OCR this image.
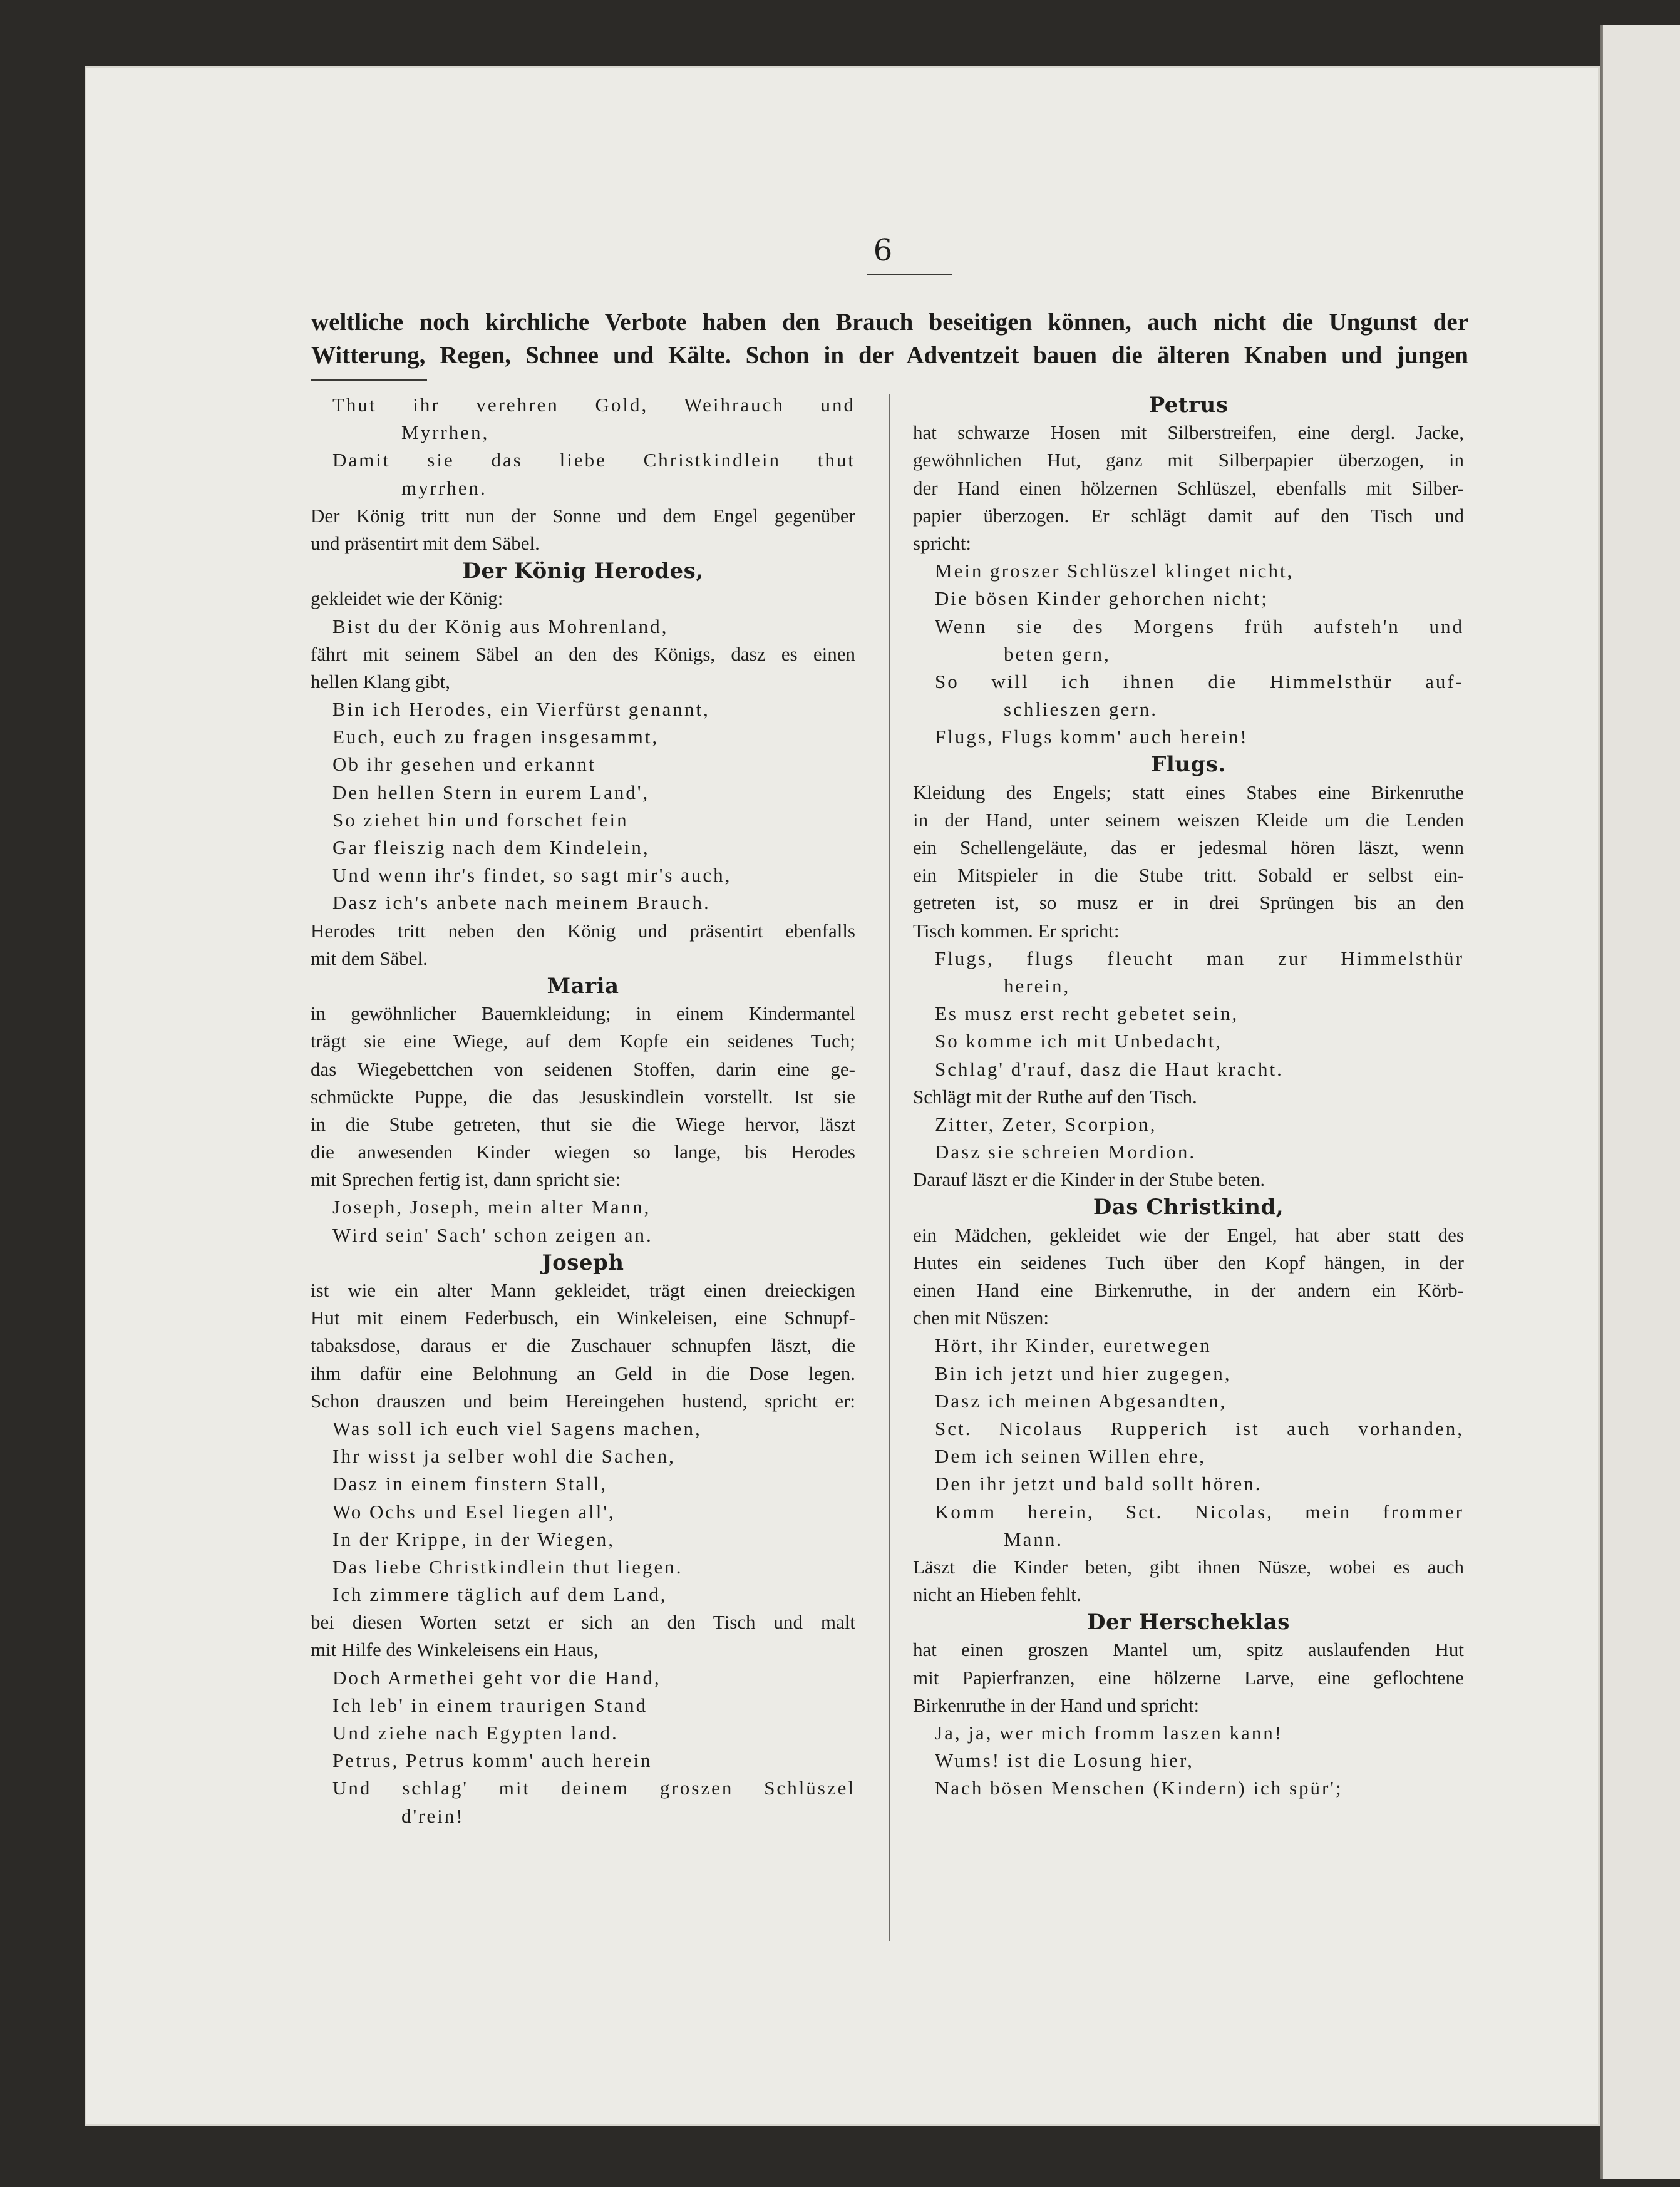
6
weltliche noch kirchliche Verbote haben den Brauch beseitigen können, auch nicht die Ungunst der
Witterung, Regen, Schnee und Kälte. Schon in der Adventzeit bauen die älteren Knaben und jungen
Thut ihr verehren Gold, Weihrauch und
Myrrhen,
Damit sie das liebe Christkindlein thut
myrrhen.
Der König tritt nun der Sonne und dem Engel gegenüber
und präsentirt mit dem Säbel.
Der König Herodes,
gekleidet wie der König:
Bist du der König aus Mohrenland,
fährt mit seinem Säbel an den des Königs, dasz es einen
hellen Klang gibt,
Bin ich Herodes, ein Vierfürst genannt,
Euch, euch zu fragen insgesammt,
Ob ihr gesehen und erkannt
Den hellen Stern in eurem Land',
So ziehet hin und forschet fein
Gar fleiszig nach dem Kindelein,
Und wenn ihr's findet, so sagt mir's auch,
Dasz ich's anbete nach meinem Brauch.
Herodes tritt neben den König und präsentirt ebenfalls
mit dem Säbel.
Maria
in gewöhnlicher Bauernkleidung; in einem Kindermantel
trägt sie eine Wiege, auf dem Kopfe ein seidenes Tuch;
das Wiegebettchen von seidenen Stoffen, darin eine ge-
schmückte Puppe, die das Jesuskindlein vorstellt. Ist sie
in die Stube getreten, thut sie die Wiege hervor, läszt
die anwesenden Kinder wiegen so lange, bis Herodes
mit Sprechen fertig ist, dann spricht sie:
Joseph, Joseph, mein alter Mann,
Wird sein' Sach' schon zeigen an.
Joseph
ist wie ein alter Mann gekleidet, trägt einen dreieckigen
Hut mit einem Federbusch, ein Winkeleisen, eine Schnupf-
tabaksdose, daraus er die Zuschauer schnupfen läszt, die
ihm dafür eine Belohnung an Geld in die Dose legen.
Schon drauszen und beim Hereingehen hustend, spricht er:
Was soll ich euch viel Sagens machen,
Ihr wisst ja selber wohl die Sachen,
Dasz in einem finstern Stall,
Wo Ochs und Esel liegen all',
In der Krippe, in der Wiegen,
Das liebe Christkindlein thut liegen.
Ich zimmere täglich auf dem Land,
bei diesen Worten setzt er sich an den Tisch und malt
mit Hilfe des Winkeleisens ein Haus,
Doch Armethei geht vor die Hand,
Ich leb' in einem traurigen Stand
Und ziehe nach Egypten land.
Petrus, Petrus komm' auch herein
Und schlag' mit deinem groszen Schlüszel
d'rein!
Petrus
hat schwarze Hosen mit Silberstreifen, eine dergl. Jacke,
gewöhnlichen Hut, ganz mit Silberpapier überzogen, in
der Hand einen hölzernen Schlüszel, ebenfalls mit Silber-
papier überzogen. Er schlägt damit auf den Tisch und
spricht:
Mein groszer Schlüszel klinget nicht,
Die bösen Kinder gehorchen nicht;
Wenn sie des Morgens früh aufsteh'n und
beten gern,
So will ich ihnen die Himmelsthür auf-
schlieszen gern.
Flugs, Flugs komm' auch herein!
Flugs.
Kleidung des Engels; statt eines Stabes eine Birkenruthe
in der Hand, unter seinem weiszen Kleide um die Lenden
ein Schellengeläute, das er jedesmal hören läszt, wenn
ein Mitspieler in die Stube tritt. Sobald er selbst ein-
getreten ist, so musz er in drei Sprüngen bis an den
Tisch kommen. Er spricht:
Flugs, flugs fleucht man zur Himmelsthür
herein,
Es musz erst recht gebetet sein,
So komme ich mit Unbedacht,
Schlag' d'rauf, dasz die Haut kracht.
Schlägt mit der Ruthe auf den Tisch.
Zitter, Zeter, Scorpion,
Dasz sie schreien Mordion.
Darauf läszt er die Kinder in der Stube beten.
Das Christkind,
ein Mädchen, gekleidet wie der Engel, hat aber statt des
Hutes ein seidenes Tuch über den Kopf hängen, in der
einen Hand eine Birkenruthe, in der andern ein Körb-
chen mit Nüszen:
Hört, ihr Kinder, euretwegen
Bin ich jetzt und hier zugegen,
Dasz ich meinen Abgesandten,
Sct. Nicolaus Rupperich ist auch vorhanden,
Dem ich seinen Willen ehre,
Den ihr jetzt und bald sollt hören.
Komm herein, Sct. Nicolas, mein frommer
Mann.
Läszt die Kinder beten, gibt ihnen Nüsze, wobei es auch
nicht an Hieben fehlt.
Der Herscheklas
hat einen groszen Mantel um, spitz auslaufenden Hut
mit Papierfranzen, eine hölzerne Larve, eine geflochtene
Birkenruthe in der Hand und spricht:
Ja, ja, wer mich fromm laszen kann!
Wums! ist die Losung hier,
Nach bösen Menschen (Kindern) ich spür';
